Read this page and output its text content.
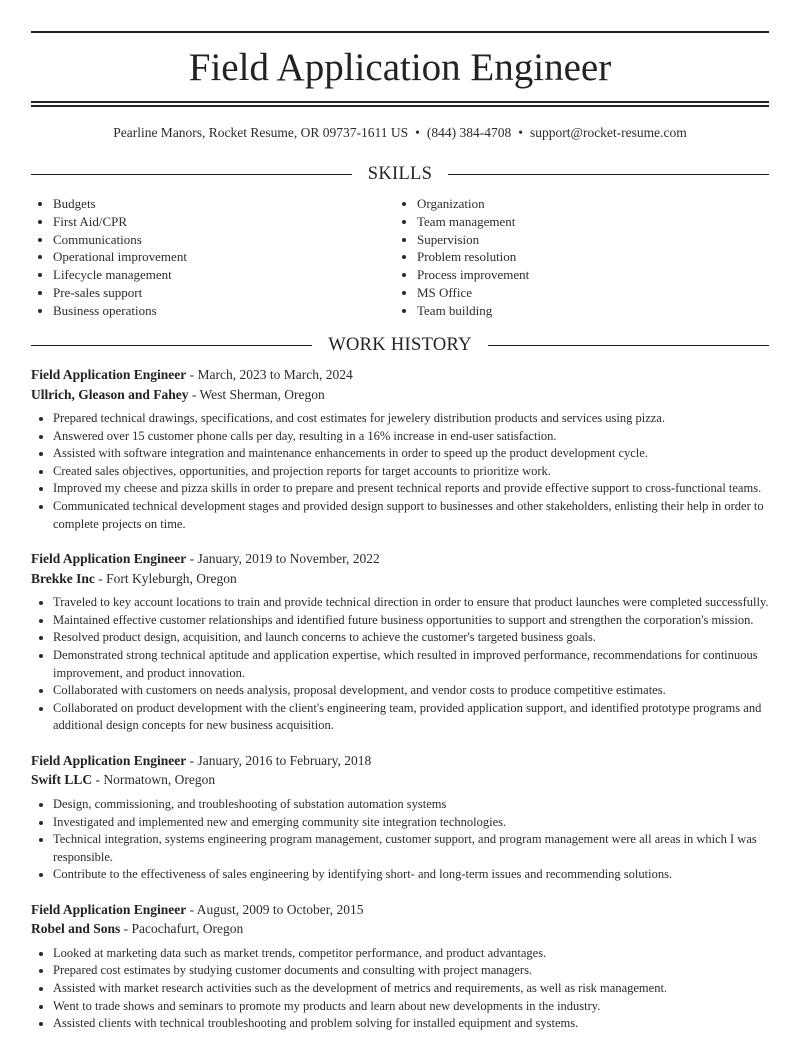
Field Application Engineer
Pearline Manors, Rocket Resume, OR 09737-1611 US • (844) 384-4708 • support@rocket-resume.com
SKILLS
• Budgets
• First Aid/CPR
• Communications
• Operational improvement
• Lifecycle management
• Pre-sales support
• Business operations
• Organization
• Team management
• Supervision
• Problem resolution
• Process improvement
• MS Office
• Team building
WORK HISTORY
Field Application Engineer - March, 2023 to March, 2024
Ullrich, Gleason and Fahey - West Sherman, Oregon
• Prepared technical drawings, specifications, and cost estimates for jewelery distribution products and services using pizza.
• Answered over 15 customer phone calls per day, resulting in a 16% increase in end-user satisfaction.
• Assisted with software integration and maintenance enhancements in order to speed up the product development cycle.
• Created sales objectives, opportunities, and projection reports for target accounts to prioritize work.
• Improved my cheese and pizza skills in order to prepare and present technical reports and provide effective support to cross-functional teams.
• Communicated technical development stages and provided design support to businesses and other stakeholders, enlisting their help in order to complete projects on time.
Field Application Engineer - January, 2019 to November, 2022
Brekke Inc - Fort Kyleburgh, Oregon
• Traveled to key account locations to train and provide technical direction in order to ensure that product launches were completed successfully.
• Maintained effective customer relationships and identified future business opportunities to support and strengthen the corporation's mission.
• Resolved product design, acquisition, and launch concerns to achieve the customer's targeted business goals.
• Demonstrated strong technical aptitude and application expertise, which resulted in improved performance, recommendations for continuous improvement, and product innovation.
• Collaborated with customers on needs analysis, proposal development, and vendor costs to produce competitive estimates.
• Collaborated on product development with the client's engineering team, provided application support, and identified prototype programs and additional design concepts for new business acquisition.
Field Application Engineer - January, 2016 to February, 2018
Swift LLC - Normatown, Oregon
• Design, commissioning, and troubleshooting of substation automation systems
• Investigated and implemented new and emerging community site integration technologies.
• Technical integration, systems engineering program management, customer support, and program management were all areas in which I was responsible.
• Contribute to the effectiveness of sales engineering by identifying short- and long-term issues and recommending solutions.
Field Application Engineer - August, 2009 to October, 2015
Robel and Sons - Pacochafurt, Oregon
• Looked at marketing data such as market trends, competitor performance, and product advantages.
• Prepared cost estimates by studying customer documents and consulting with project managers.
• Assisted with market research activities such as the development of metrics and requirements, as well as risk management.
• Went to trade shows and seminars to promote my products and learn about new developments in the industry.
• Assisted clients with technical troubleshooting and problem solving for installed equipment and systems.
